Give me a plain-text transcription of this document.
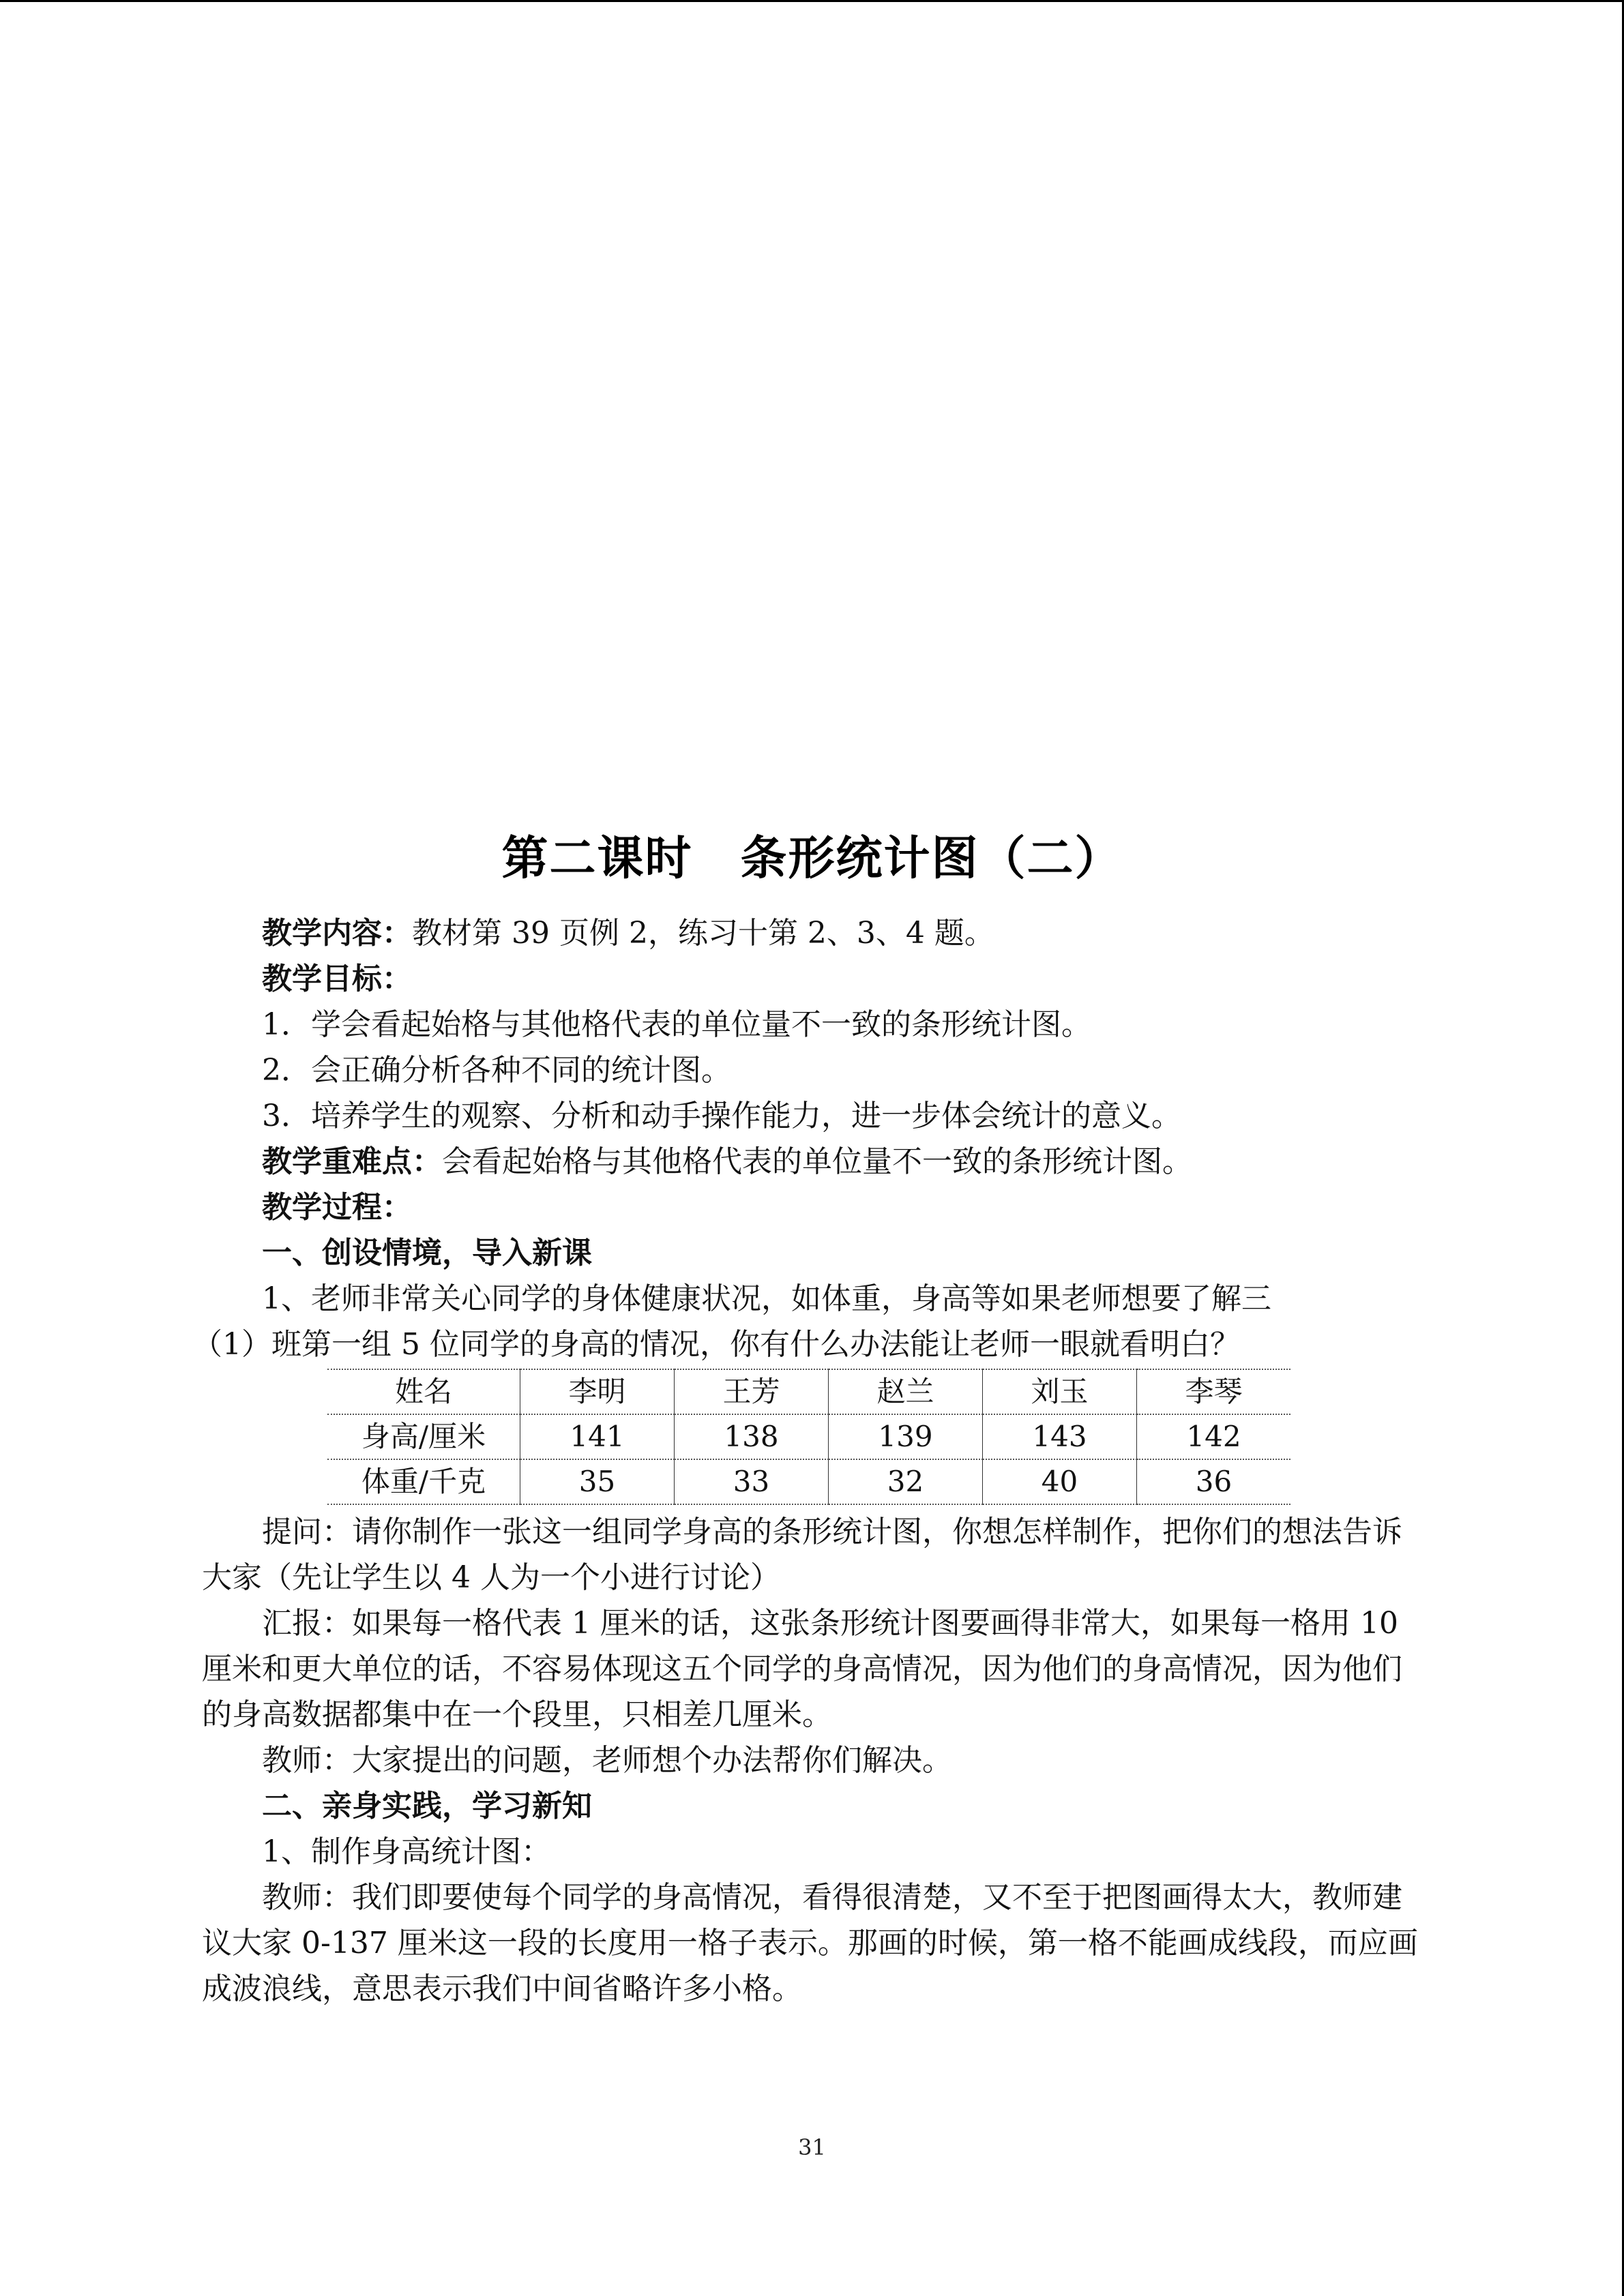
第二课时　条形统计图（二）

教学内容：教材第 39 页例 2，练习十第 2、3、4 题。

教学目标：

1．学会看起始格与其他格代表的单位量不一致的条形统计图。

2．会正确分析各种不同的统计图。

3．培养学生的观察、分析和动手操作能力，进一步体会统计的意义。

教学重难点：会看起始格与其他格代表的单位量不一致的条形统计图。

教学过程：

一、创设情境，导入新课

1、老师非常关心同学的身体健康状况，如体重，身高等如果老师想要了解三

（1）班第一组 5 位同学的身高的情况，你有什么办法能让老师一眼就看明白？

姓名	李明	王芳	赵兰	刘玉	李琴
身高/厘米	141	138	139	143	142
体重/千克	35	33	32	40	36

提问：请你制作一张这一组同学身高的条形统计图，你想怎样制作，把你们的想法告诉大家（先让学生以 4 人为一个小进行讨论）

汇报：如果每一格代表 1 厘米的话，这张条形统计图要画得非常大，如果每一格用 10 厘米和更大单位的话，不容易体现这五个同学的身高情况，因为他们的身高情况，因为他们的身高数据都集中在一个段里，只相差几厘米。

教师：大家提出的问题，老师想个办法帮你们解决。

二、亲身实践，学习新知

1、制作身高统计图：

教师：我们即要使每个同学的身高情况，看得很清楚，又不至于把图画得太大，教师建议大家 0-137 厘米这一段的长度用一格子表示。那画的时候，第一格不能画成线段，而应画成波浪线，意思表示我们中间省略许多小格。

31
